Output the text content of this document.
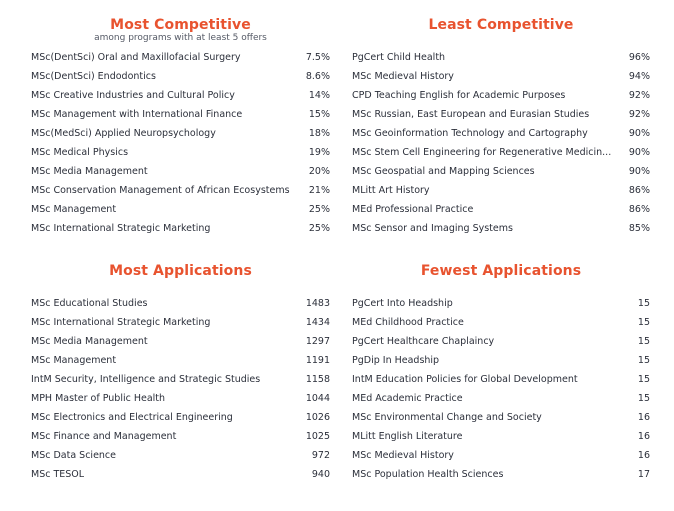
Most Competitive
among programs with at least 5 offers
MSc(DentSci) Oral and Maxillofacial Surgery	7.5%
MSc(DentSci) Endodontics	8.6%
MSc Creative Industries and Cultural Policy	14%
MSc Management with International Finance	15%
MSc(MedSci) Applied Neuropsychology	18%
MSc Medical Physics	19%
MSc Media Management	20%
MSc Conservation Management of African Ecosystems	21%
MSc Management	25%
MSc International Strategic Marketing	25%
Least Competitive
PgCert Child Health	96%
MSc Medieval History	94%
CPD Teaching English for Academic Purposes	92%
MSc Russian, East European and Eurasian Studies	92%
MSc Geoinformation Technology and Cartography	90%
MSc Stem Cell Engineering for Regenerative Medicin...	90%
MSc Geospatial and Mapping Sciences	90%
MLitt Art History	86%
MEd Professional Practice	86%
MSc Sensor and Imaging Systems	85%
Most Applications
MSc Educational Studies	1483
MSc International Strategic Marketing	1434
MSc Media Management	1297
MSc Management	1191
IntM Security, Intelligence and Strategic Studies	1158
MPH Master of Public Health	1044
MSc Electronics and Electrical Engineering	1026
MSc Finance and Management	1025
MSc Data Science	972
MSc TESOL	940
Fewest Applications
PgCert Into Headship	15
MEd Childhood Practice	15
PgCert Healthcare Chaplaincy	15
PgDip In Headship	15
IntM Education Policies for Global Development	15
MEd Academic Practice	15
MSc Environmental Change and Society	16
MLitt English Literature	16
MSc Medieval History	16
MSc Population Health Sciences	17
